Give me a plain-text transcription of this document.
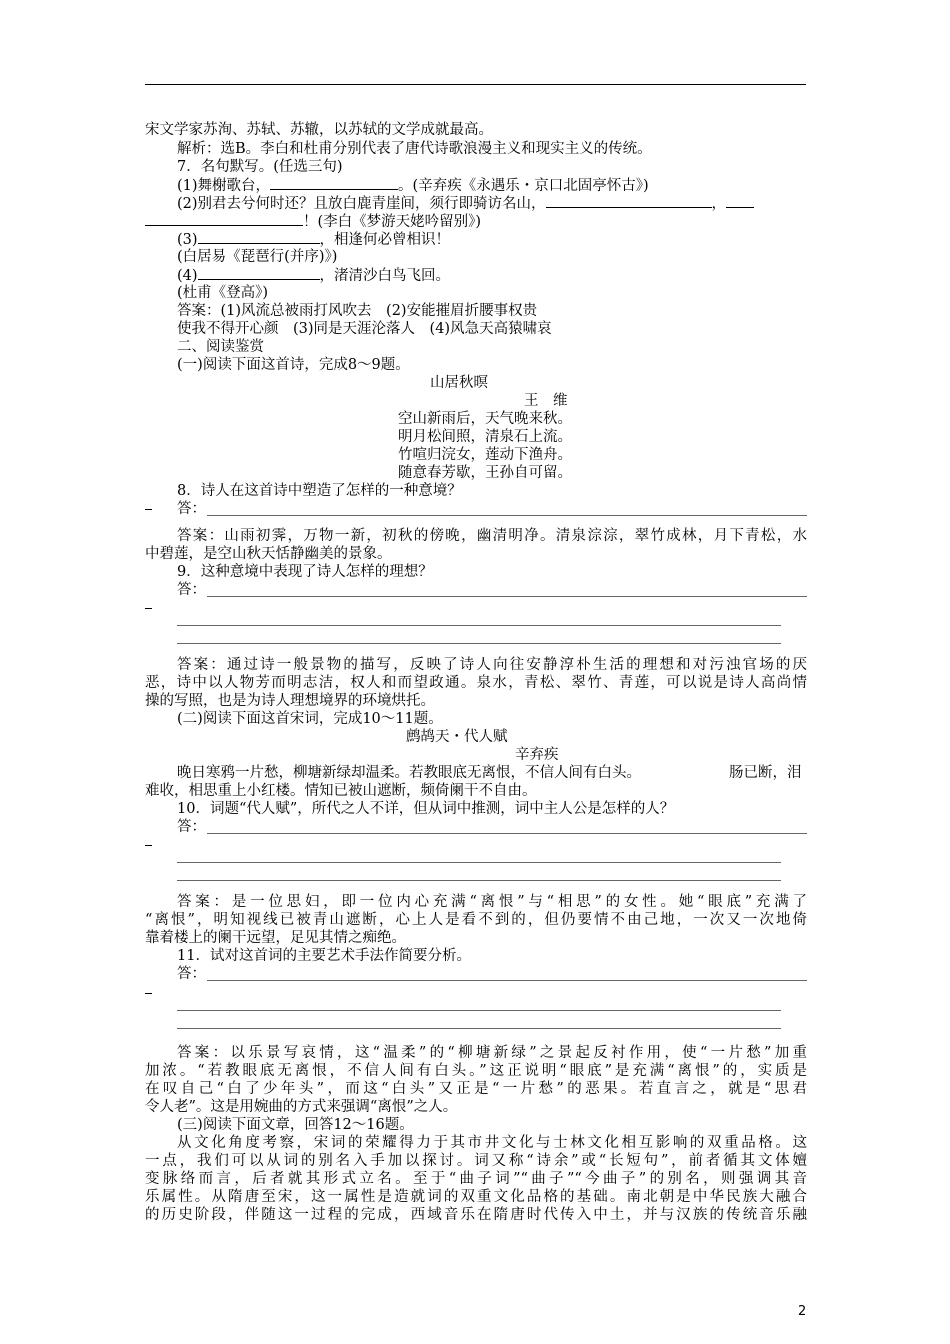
宋文学家苏洵、苏轼、苏辙，以苏轼的文学成就最高。
解析：选B。李白和杜甫分别代表了唐代诗歌浪漫主义和现实主义的传统。
7．名句默写。(任选三句)
(1)舞榭歌台，	。(辛弃疾《永遇乐・京口北固亭怀古》)
(2)别君去兮何时还？且放白鹿青崖间，须行即骑访名山，	，
！(李白《梦游天姥吟留别》)
(3)	，相逢何必曾相识！
(白居易《琵琶行(并序)》)
(4)	，渚清沙白鸟飞回。
(杜甫《登高》)
答案：(1)风流总被雨打风吹去　(2)安能摧眉折腰事权贵
使我不得开心颜　(3)同是天涯沦落人　(4)风急天高猿啸哀
二、阅读鉴赏
(一)阅读下面这首诗，完成8～9题。
山居秋暝
王　维
空山新雨后，天气晚来秋。
明月松间照，清泉石上流。
竹喧归浣女，莲动下渔舟。
随意春芳歇，王孙自可留。
8．诗人在这首诗中塑造了怎样的一种意境？
答：
答案：山雨初霁，万物一新，初秋的傍晚，幽清明净。清泉淙淙，翠竹成林，月下青松，水
中碧莲，是空山秋天恬静幽美的景象。
9．这种意境中表现了诗人怎样的理想？
答：
答案：通过诗一般景物的描写，反映了诗人向往安静淳朴生活的理想和对污浊官场的厌
恶，诗中以人物芳而明志洁，权人和而望政通。泉水，青松、翠竹、青莲，可以说是诗人高尚情
操的写照，也是为诗人理想境界的环境烘托。
(二)阅读下面这首宋词，完成10～11题。
鹧鸪天・代人赋
辛弃疾
晚日寒鸦一片愁，柳塘新绿却温柔。若教眼底无离恨，不信人间有白头。	肠已断，泪
难收，相思重上小红楼。情知已被山遮断，频倚阑干不自由。
10．词题“代人赋”，所代之人不详，但从词中推测，词中主人公是怎样的人？
答：
答案：是一位思妇，即一位内心充满“离恨”与“相思”的女性。她“眼底”充满了
“离恨”，明知视线已被青山遮断，心上人是看不到的，但仍要情不由己地，一次又一次地倚
靠着楼上的阑干远望，足见其情之痴绝。
11．试对这首词的主要艺术手法作简要分析。
答：
答案：以乐景写哀情，这“温柔”的“柳塘新绿”之景起反衬作用，使“一片愁”加重
加浓。“若教眼底无离恨，不信人间有白头。”这正说明“眼底”是充满“离恨”的，实质是
在叹自己“白了少年头”，而这“白头”又正是“一片愁”的恶果。若直言之，就是“思君
令人老”。这是用婉曲的方式来强调“离恨”之人。
(三)阅读下面文章，回答12～16题。
从文化角度考察，宋词的荣耀得力于其市井文化与士林文化相互影响的双重品格。这
一点，我们可以从词的别名入手加以探讨。词又称“诗余”或“长短句”，前者循其文体嬗
变脉络而言，后者就其形式立名。至于“曲子词”“曲子”“今曲子”的别名，则强调其音
乐属性。从隋唐至宋，这一属性是造就词的双重文化品格的基础。南北朝是中华民族大融合
的历史阶段，伴随这一过程的完成，西域音乐在隋唐时代传入中土，并与汉族的传统音乐融
2
